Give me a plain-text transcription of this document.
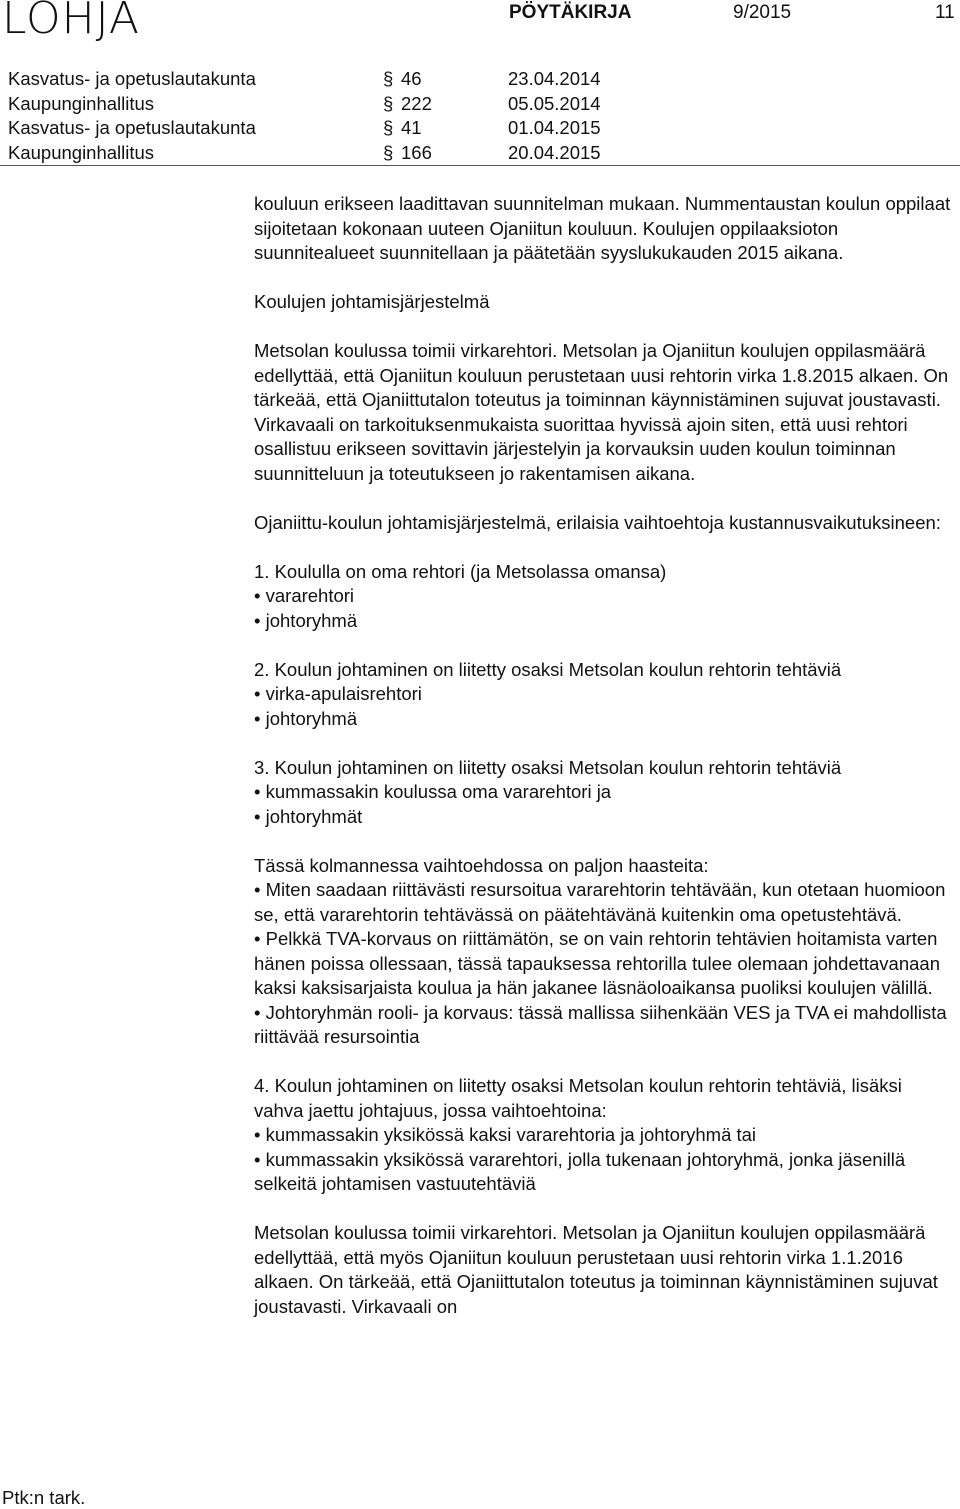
LOHJA	PÖYTÄKIRJA	9/2015	11
Kasvatus- ja opetuslautakunta	§ 46	23.04.2014
Kaupunginhallitus	§ 222	05.05.2014
Kasvatus- ja opetuslautakunta	§ 41	01.04.2015
Kaupunginhallitus	§ 166	20.04.2015

kouluun erikseen laadittavan suunnitelman mukaan. Nummentaustan koulun oppilaat sijoitetaan kokonaan uuteen Ojaniitun kouluun. Koulujen oppilaaksioton suunnitealueet suunnitellaan ja päätetään syyslukukauden 2015 aikana.

Koulujen johtamisjärjestelmä

Metsolan koulussa toimii virkarehtori. Metsolan ja Ojaniitun koulujen oppilasmäärä edellyttää, että Ojaniitun kouluun perustetaan uusi rehtorin virka 1.8.2015 alkaen. On tärkeää, että Ojaniittutalon toteutus ja toiminnan käynnistäminen sujuvat joustavasti. Virkavaali on tarkoituksenmukaista suorittaa hyvissä ajoin siten, että uusi rehtori osallistuu erikseen sovittavin järjestelyin ja korvauksin uuden koulun toiminnan suunnitteluun ja toteutukseen jo rakentamisen aikana.

Ojaniittu-koulun johtamisjärjestelmä, erilaisia vaihtoehtoja kustannusvaikutuksineen:

1. Koululla on oma rehtori (ja Metsolassa omansa)

• vararehtori

• johtoryhmä

2. Koulun johtaminen on liitetty osaksi Metsolan koulun rehtorin tehtäviä

• virka-apulaisrehtori

• johtoryhmä

3. Koulun johtaminen on liitetty osaksi Metsolan koulun rehtorin tehtäviä

• kummassakin koulussa oma vararehtori ja

• johtoryhmät

Tässä kolmannessa vaihtoehdossa on paljon haasteita:

• Miten saadaan riittävästi resursoitua vararehtorin tehtävään, kun otetaan huomioon se, että vararehtorin tehtävässä on päätehtävänä kuitenkin oma opetustehtävä.

• Pelkkä TVA-korvaus on riittämätön, se on vain rehtorin tehtävien hoitamista varten hänen poissa ollessaan, tässä tapauksessa rehtorilla tulee olemaan johdettavanaan kaksi kaksisarjaista koulua ja hän jakanee läsnäoloaikansa puoliksi koulujen välillä.

• Johtoryhmän rooli- ja korvaus: tässä mallissa siihenkään VES ja TVA ei mahdollista riittävää resursointia

4. Koulun johtaminen on liitetty osaksi Metsolan koulun rehtorin tehtäviä, lisäksi vahva jaettu johtajuus, jossa vaihtoehtoina:

• kummassakin yksikössä kaksi vararehtoria ja johtoryhmä tai

• kummassakin yksikössä vararehtori, jolla tukenaan johtoryhmä, jonka jäsenillä selkeitä johtamisen vastuutehtäviä

Metsolan koulussa toimii virkarehtori. Metsolan ja Ojaniitun koulujen oppilasmäärä edellyttää, että myös Ojaniitun kouluun perustetaan uusi rehtorin virka 1.1.2016 alkaen. On tärkeää, että Ojaniittutalon toteutus ja toiminnan käynnistäminen sujuvat joustavasti. Virkavaali on

Ptk:n tark.
